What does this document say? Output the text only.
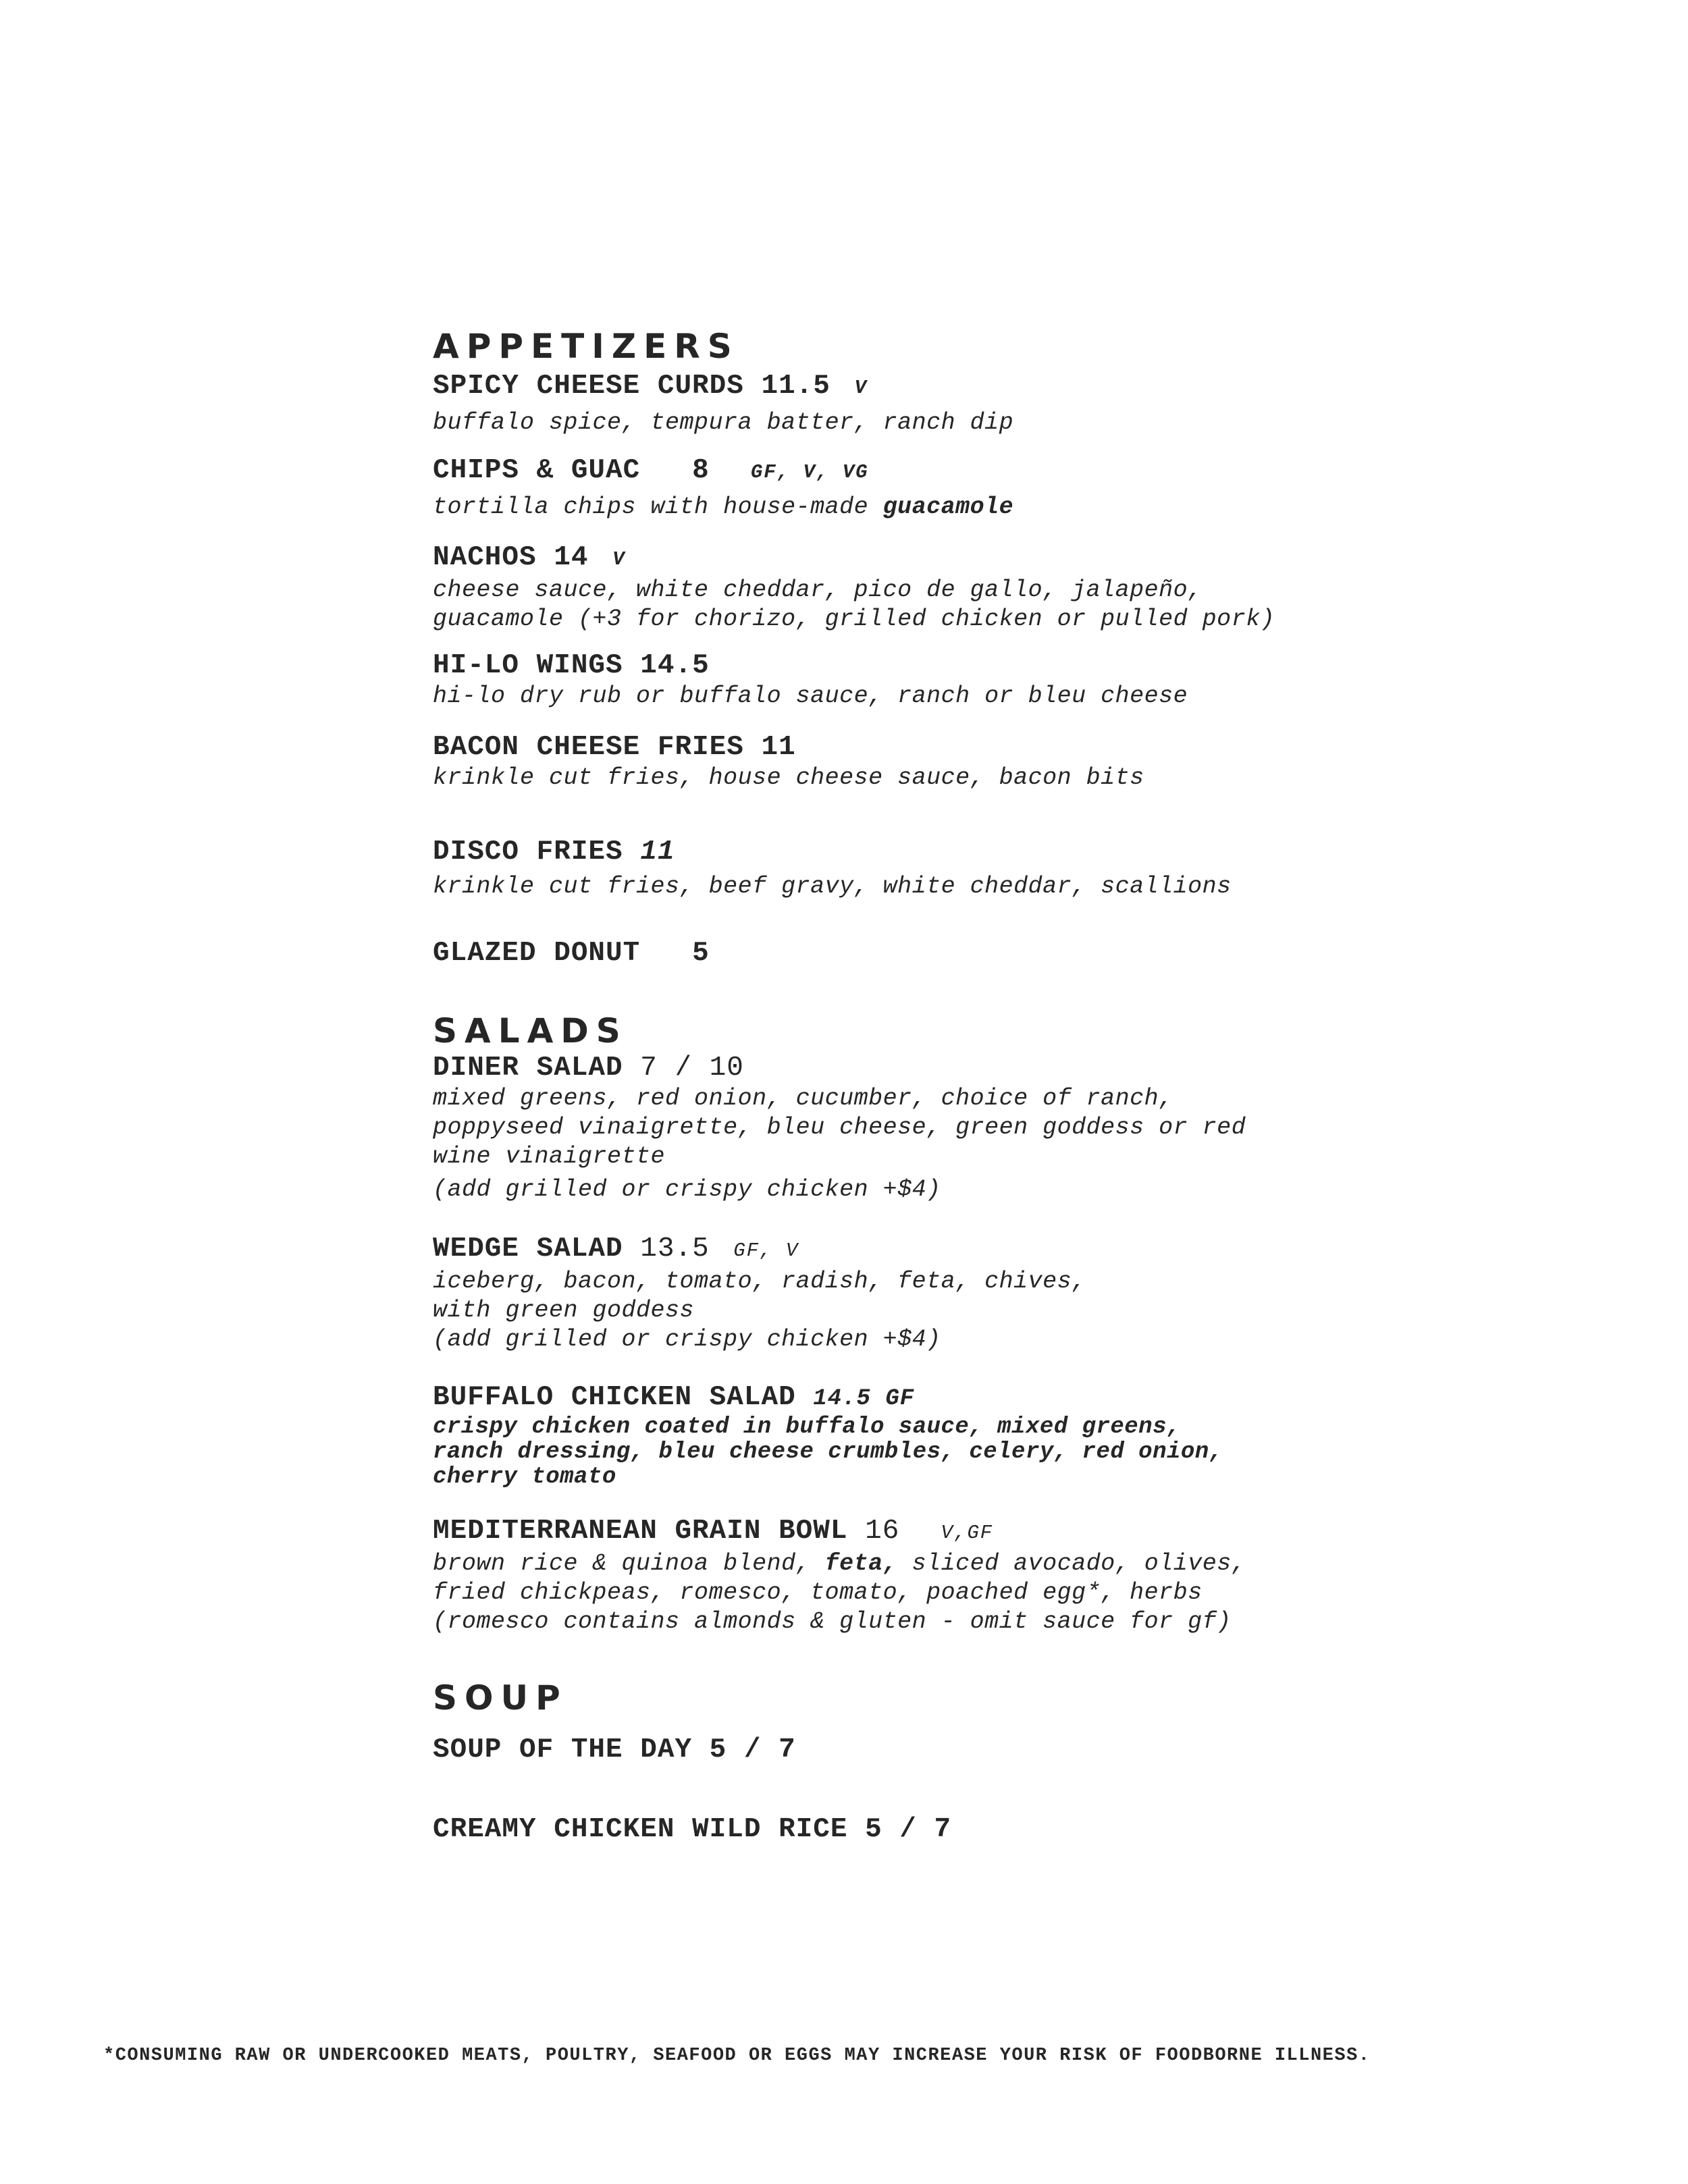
APPETIZERS

SPICY CHEESE CURDS 11.5 V

buffalo spice, tempura batter, ranch dip

CHIPS & GUAC 8 GF, V, VG

tortilla chips with house-made guacamole

NACHOS 14 V

cheese sauce, white cheddar, pico de gallo, jalapeño,

guacamole (+3 for chorizo, grilled chicken or pulled pork)

HI-LO WINGS 14.5

hi-lo dry rub or buffalo sauce, ranch or bleu cheese

BACON CHEESE FRIES 11

krinkle cut fries, house cheese sauce, bacon bits

DISCO FRIES 11

krinkle cut fries, beef gravy, white cheddar, scallions

GLAZED DONUT 5

SALADS

DINER SALAD 7 / 10

mixed greens, red onion, cucumber, choice of ranch,

poppyseed vinaigrette, bleu cheese, green goddess or red

wine vinaigrette

(add grilled or crispy chicken +$4)

WEDGE SALAD 13.5 GF, V

iceberg, bacon, tomato, radish, feta, chives,

with green goddess

(add grilled or crispy chicken +$4)

BUFFALO CHICKEN SALAD 14.5 GF

crispy chicken coated in buffalo sauce, mixed greens,

ranch dressing, bleu cheese crumbles, celery, red onion,

cherry tomato

MEDITERRANEAN GRAIN BOWL 16 V,GF

brown rice & quinoa blend, feta, sliced avocado, olives,

fried chickpeas, romesco, tomato, poached egg*, herbs

(romesco contains almonds & gluten - omit sauce for gf)

SOUP

SOUP OF THE DAY 5 / 7

CREAMY CHICKEN WILD RICE 5 / 7

*CONSUMING RAW OR UNDERCOOKED MEATS, POULTRY, SEAFOOD OR EGGS MAY INCREASE YOUR RISK OF FOODBORNE ILLNESS.
